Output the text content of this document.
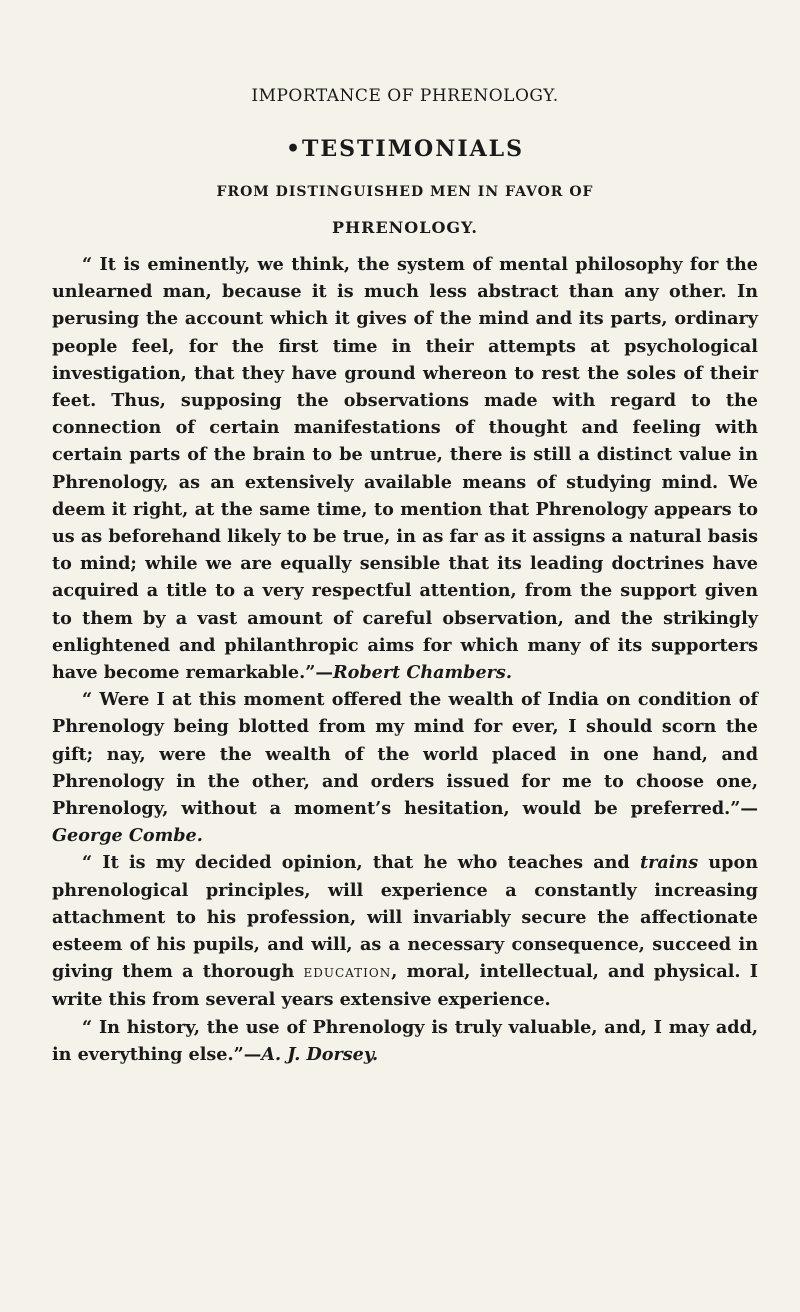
IMPORTANCE OF PHRENOLOGY.
•TESTIMONIALS
FROM DISTINGUISHED MEN IN FAVOR OF
PHRENOLOGY.

“ It is eminently, we think, the system of mental philosophy for the unlearned man, because it is much less abstract than any other. In perusing the account which it gives of the mind and its parts, ordinary people feel, for the first time in their attempts at psychological investigation, that they have ground whereon to rest the soles of their feet. Thus, supposing the observations made with regard to the connection of certain manifestations of thought and feeling with certain parts of the brain to be untrue, there is still a distinct value in Phrenology, as an extensively available means of studying mind. We deem it right, at the same time, to mention that Phrenology appears to us as beforehand likely to be true, in as far as it assigns a natural basis to mind; while we are equally sensible that its leading doctrines have acquired a title to a very respectful attention, from the support given to them by a vast amount of careful observation, and the strikingly enlightened and philanthropic aims for which many of its supporters have become remarkable.”—Robert Chambers.

“ Were I at this moment offered the wealth of India on condition of Phrenology being blotted from my mind for ever, I should scorn the gift; nay, were the wealth of the world placed in one hand, and Phrenology in the other, and orders issued for me to choose one, Phrenology, without a moment’s hesitation, would be preferred.”—George Combe.

“ It is my decided opinion, that he who teaches and trains upon phrenological principles, will experience a constantly increasing attachment to his profession, will invariably secure the affectionate esteem of his pupils, and will, as a necessary consequence, succeed in giving them a thorough education, moral, intellectual, and physical. I write this from several years extensive experience.

“ In history, the use of Phrenology is truly valuable, and, I may add, in everything else.”—A. J. Dorsey.
